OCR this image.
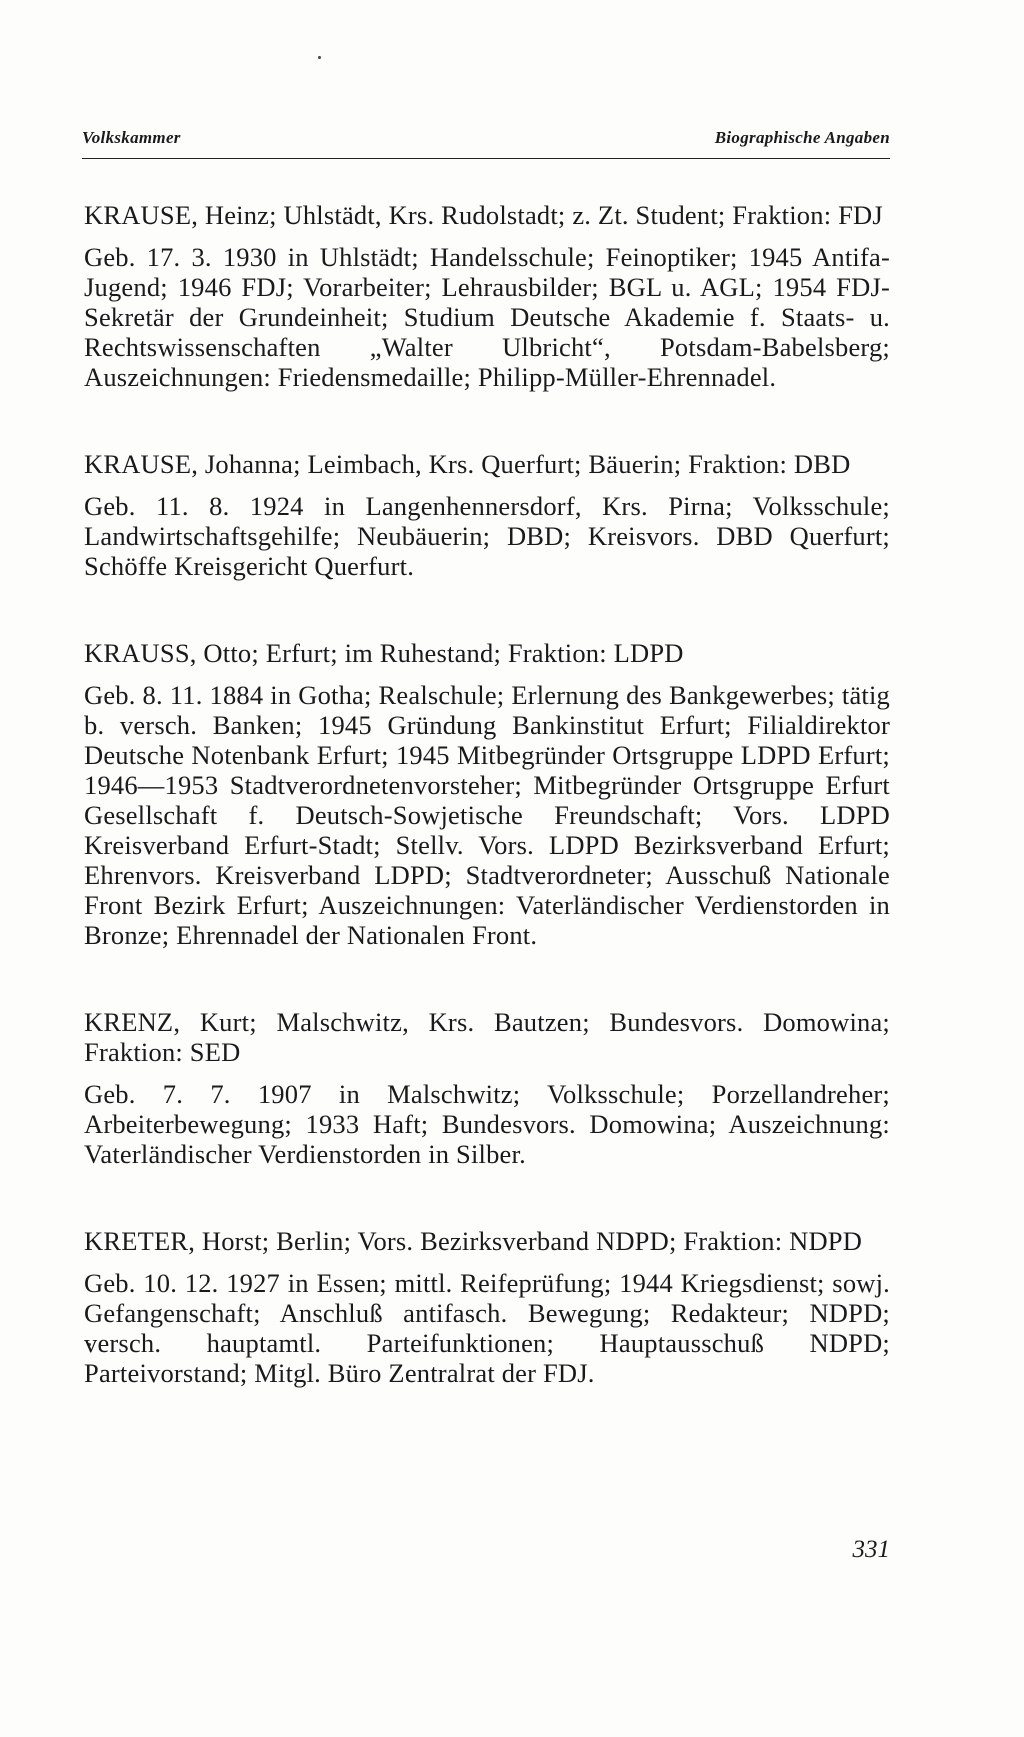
Volkskammer	Biographische Angaben

KRAUSE, Heinz; Uhlstädt, Krs. Rudolstadt; z. Zt. Student; Fraktion: FDJ

Geb. 17. 3. 1930 in Uhlstädt; Handelsschule; Feinoptiker; 1945 Antifa-Jugend; 1946 FDJ; Vorarbeiter; Lehrausbilder; BGL u. AGL; 1954 FDJ-Sekretär der Grundeinheit; Studium Deutsche Akademie f. Staats- u. Rechtswissenschaften „Walter Ulbricht“, Potsdam-Babelsberg; Auszeichnungen: Friedensmedaille; Philipp-Müller-Ehrennadel.

KRAUSE, Johanna; Leimbach, Krs. Querfurt; Bäuerin; Fraktion: DBD

Geb. 11. 8. 1924 in Langenhennersdorf, Krs. Pirna; Volksschule; Landwirtschaftsgehilfe; Neubäuerin; DBD; Kreisvors. DBD Querfurt; Schöffe Kreisgericht Querfurt.

KRAUSS, Otto; Erfurt; im Ruhestand; Fraktion: LDPD

Geb. 8. 11. 1884 in Gotha; Realschule; Erlernung des Bankgewerbes; tätig b. versch. Banken; 1945 Gründung Bankinstitut Erfurt; Filialdirektor Deutsche Notenbank Erfurt; 1945 Mitbegründer Ortsgruppe LDPD Erfurt; 1946—1953 Stadtverordnetenvorsteher; Mitbegründer Ortsgruppe Erfurt Gesellschaft f. Deutsch-Sowjetische Freundschaft; Vors. LDPD Kreisverband Erfurt-Stadt; Stellv. Vors. LDPD Bezirksverband Erfurt; Ehrenvors. Kreisverband LDPD; Stadtverordneter; Ausschuß Nationale Front Bezirk Erfurt; Auszeichnungen: Vaterländischer Verdienstorden in Bronze; Ehrennadel der Nationalen Front.

KRENZ, Kurt; Malschwitz, Krs. Bautzen; Bundesvors. Domowina; Fraktion: SED

Geb. 7. 7. 1907 in Malschwitz; Volksschule; Porzellandreher; Arbeiterbewegung; 1933 Haft; Bundesvors. Domowina; Auszeichnung: Vaterländischer Verdienstorden in Silber.

KRETER, Horst; Berlin; Vors. Bezirksverband NDPD; Fraktion: NDPD

Geb. 10. 12. 1927 in Essen; mittl. Reifeprüfung; 1944 Kriegsdienst; sowj. Gefangenschaft; Anschluß antifasch. Bewegung; Redakteur; NDPD; versch. hauptamtl. Parteifunktionen; Hauptausschuß NDPD; Parteivorstand; Mitgl. Büro Zentralrat der FDJ.

331
